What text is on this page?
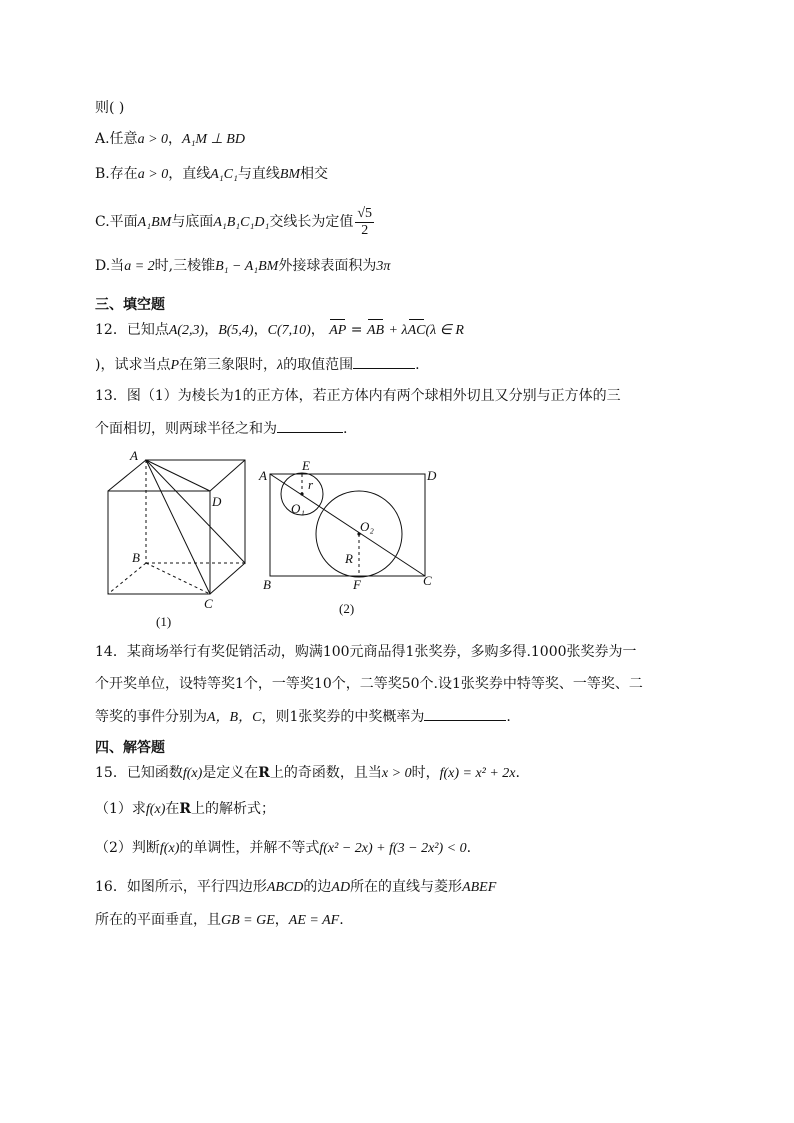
则( )
A.任意a > 0，A₁M ⊥ BD
B.存在a > 0，直线A₁C₁与直线BM相交
C.平面A₁BM与底面A₁B₁C₁D₁交线长为定值 $\frac{√5}{2}$
D.当a = 2时,三棱锥B₁ − A₁BM外接球表面积为3π
三、填空题
12．已知点A(2,3)，B(5,4)，C(7,10)， AP = AB + λAC(λ ∈ R
)，试求当点P在第三象限时，λ的取值范围	.
13．图（1）为棱长为1的正方体，若正方体内有两个球相外切且又分别与正方体的三
个面相切，则两球半径之和为	.
A
D
B
C
(1)
A
E
D
r
O₁
O₂
R
B	F	C
(2)
14．某商场举行有奖促销活动，购满100元商品得1张奖券，多购多得.1000张奖券为一
个开奖单位，设特等奖1个，一等奖10个，二等奖50个.设1张奖券中特等奖、一等奖、二
等奖的事件分别为A，B，C，则1张奖券的中奖概率为	.
四、解答题
15．已知函数f(x)是定义在R上的奇函数，且当x > 0时，f(x) = x² + 2x.
（1）求f(x)在R上的解析式；
（2）判断f(x)的单调性，并解不等式f(x² − 2x) + f(3 − 2x²) < 0.
16．如图所示，平行四边形ABCD的边AD所在的直线与菱形ABEF
所在的平面垂直，且GB = GE，AE = AF.
